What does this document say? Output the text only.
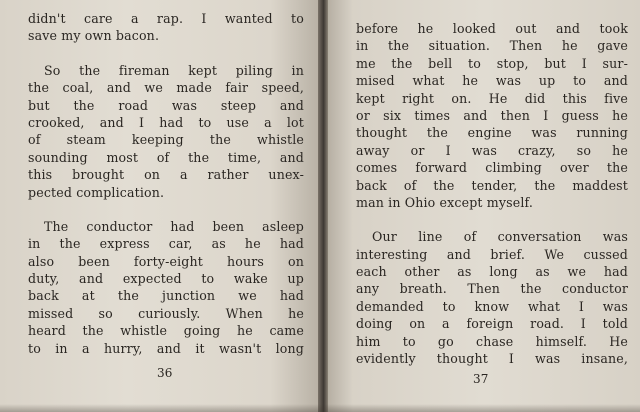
didn't care a rap. I wanted to
save my own bacon.
So the fireman kept piling in
the coal, and we made fair speed,
but the road was steep and
crooked, and I had to use a lot
of steam keeping the whistle
sounding most of the time, and
this brought on a rather unex-
pected complication.
The conductor had been asleep
in the express car, as he had
also been forty-eight hours on
duty, and expected to wake up
back at the junction we had
missed so curiously. When he
heard the whistle going he came
to in a hurry, and it wasn't long
36
before he looked out and took
in the situation. Then he gave
me the bell to stop, but I sur-
mised what he was up to and
kept right on. He did this five
or six times and then I guess he
thought the engine was running
away or I was crazy, so he
comes forward climbing over the
back of the tender, the maddest
man in Ohio except myself.
Our line of conversation was
interesting and brief. We cussed
each other as long as we had
any breath. Then the conductor
demanded to know what I was
doing on a foreign road. I told
him to go chase himself. He
evidently thought I was insane,
37
